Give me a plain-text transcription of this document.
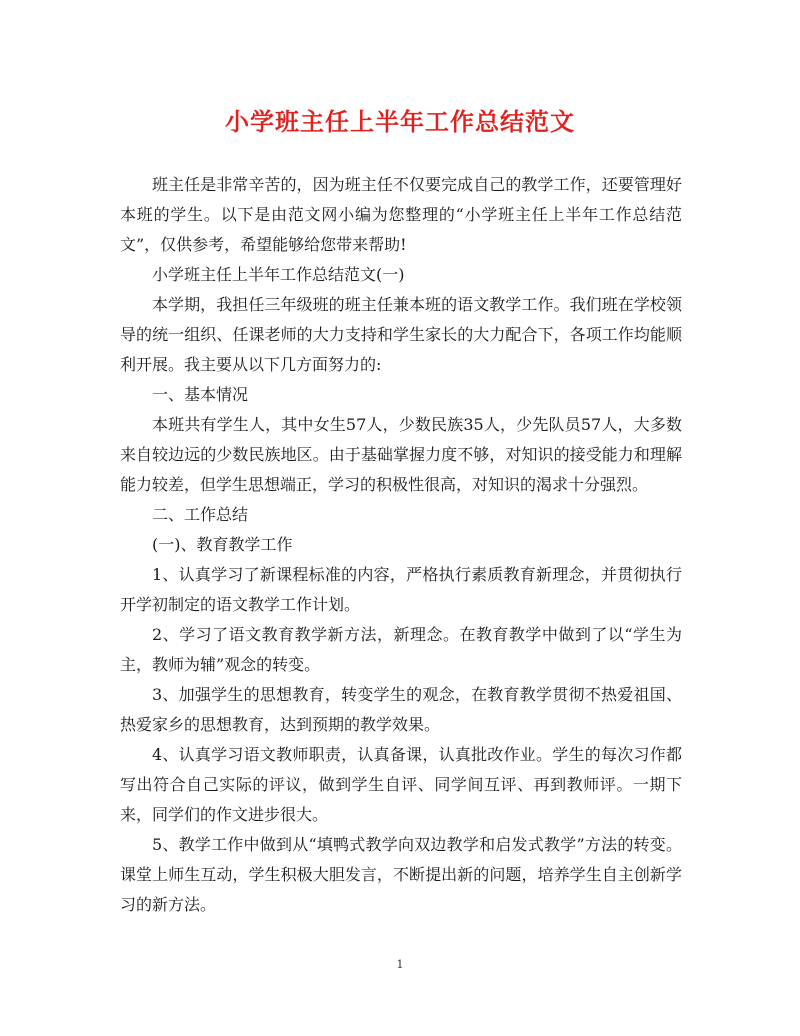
小学班主任上半年工作总结范文

班主任是非常辛苦的，因为班主任不仅要完成自己的教学工作，还要管理好本班的学生。以下是由范文网小编为您整理的“小学班主任上半年工作总结范文”，仅供参考，希望能够给您带来帮助!

小学班主任上半年工作总结范文(一)

本学期，我担任三年级班的班主任兼本班的语文教学工作。我们班在学校领导的统一组织、任课老师的大力支持和学生家长的大力配合下，各项工作均能顺利开展。我主要从以下几方面努力的:

一、基本情况

本班共有学生人，其中女生57人，少数民族35人，少先队员57人，大多数来自较边远的少数民族地区。由于基础掌握力度不够，对知识的接受能力和理解能力较差，但学生思想端正，学习的积极性很高，对知识的渴求十分强烈。

二、工作总结

(一)、教育教学工作

1、认真学习了新课程标准的内容，严格执行素质教育新理念，并贯彻执行开学初制定的语文教学工作计划。

2、学习了语文教育教学新方法，新理念。在教育教学中做到了以“学生为主，教师为辅”观念的转变。

3、加强学生的思想教育，转变学生的观念，在教育教学贯彻不热爱祖国、热爱家乡的思想教育，达到预期的教学效果。

4、认真学习语文教师职责，认真备课，认真批改作业。学生的每次习作都写出符合自己实际的评议，做到学生自评、同学间互评、再到教师评。一期下来，同学们的作文进步很大。

5、教学工作中做到从“填鸭式教学向双边教学和启发式教学”方法的转变。课堂上师生互动，学生积极大胆发言，不断提出新的问题，培养学生自主创新学习的新方法。

1
